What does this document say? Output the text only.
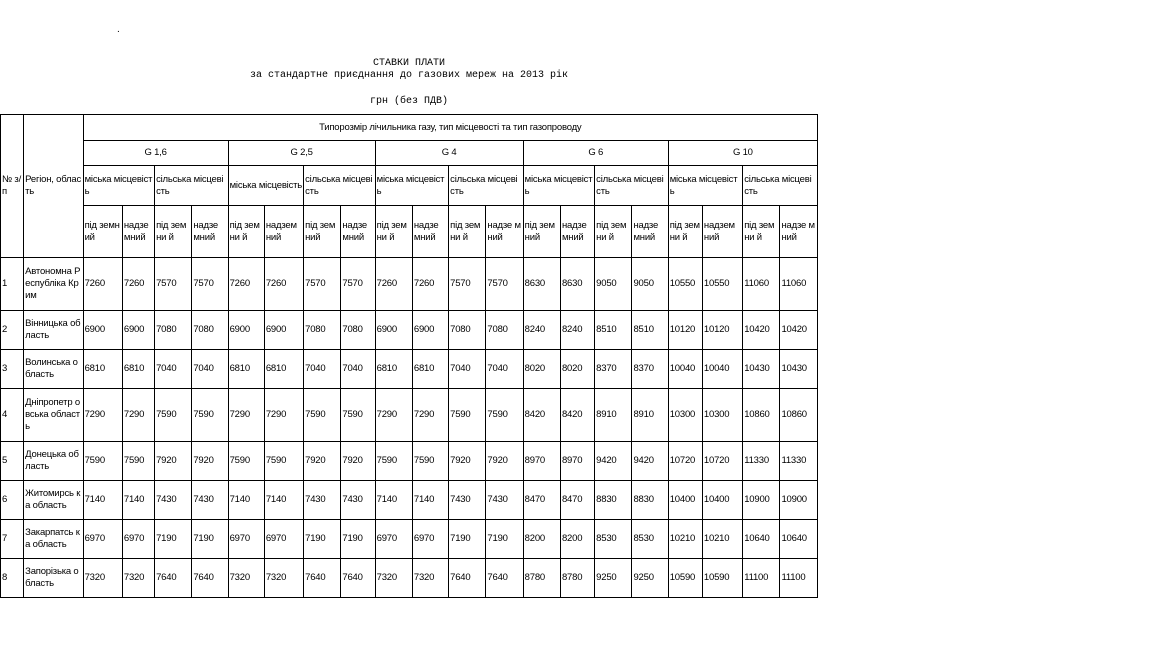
.
СТАВКИ ПЛАТИ
за стандартне приєднання до газових мереж на 2013 рік
грн (без ПДВ)
№ з/п	Регіон, область	Типорозмір лічильника газу, тип місцевості та тип газопроводу																			
		G 1,6				G 2,5				G 4				G 6				G 10			
		міська місцевість		сільська місцевість		міська місцевість		сільська місцевість		міська місцевість		сільська місцевість		міська місцевість		сільська місцевість		міська місцевість		сільська місцевість	
		під земний	надзе мний	під земни й	надзе мний	під земни й	надзем ний	під земний	надзе мний	під земни й	надзе мний	під земни й	надзе мний	під земний	надзе мний	під земни й	надзе мний	під земни й	надзем ний	під земни й	надзе мний
1	Автономна Республіка Крим	7260	7260	7570	7570	7260	7260	7570	7570	7260	7260	7570	7570	8630	8630	9050	9050	10550	10550	11060	11060
2	Вінницька область	6900	6900	7080	7080	6900	6900	7080	7080	6900	6900	7080	7080	8240	8240	8510	8510	10120	10120	10420	10420
3	Волинська область	6810	6810	7040	7040	6810	6810	7040	7040	6810	6810	7040	7040	8020	8020	8370	8370	10040	10040	10430	10430
4	Дніпропетр овська область	7290	7290	7590	7590	7290	7290	7590	7590	7290	7290	7590	7590	8420	8420	8910	8910	10300	10300	10860	10860
5	Донецька область	7590	7590	7920	7920	7590	7590	7920	7920	7590	7590	7920	7920	8970	8970	9420	9420	10720	10720	11330	11330
6	Житомирсь ка область	7140	7140	7430	7430	7140	7140	7430	7430	7140	7140	7430	7430	8470	8470	8830	8830	10400	10400	10900	10900
7	Закарпатсь ка область	6970	6970	7190	7190	6970	6970	7190	7190	6970	6970	7190	7190	8200	8200	8530	8530	10210	10210	10640	10640
8	Запорізька область	7320	7320	7640	7640	7320	7320	7640	7640	7320	7320	7640	7640	8780	8780	9250	9250	10590	10590	11100	11100
